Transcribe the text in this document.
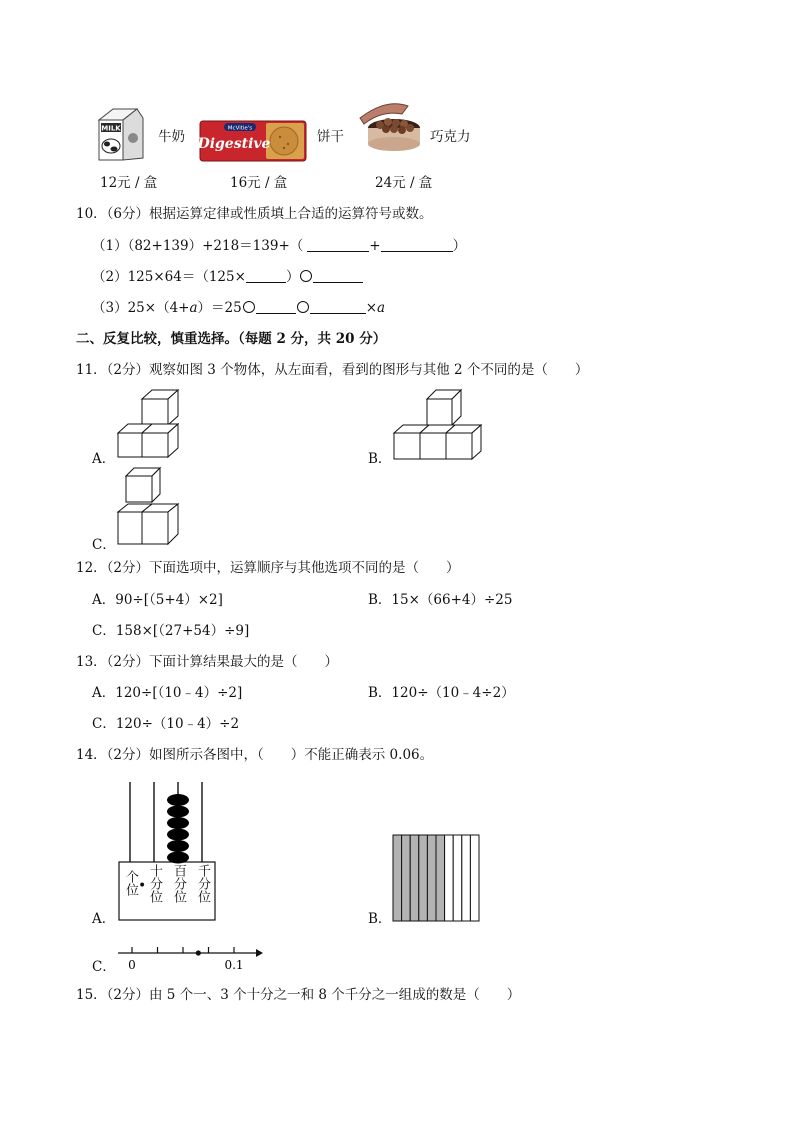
MILK
牛奶
McVitie's
Digestive	饼干	巧克力
12元 / 盒	16元 / 盒	24元 / 盒
10．（6分）根据运算定律或性质填上合适的运算符号或数。
（1）（82+139）+218＝139+（	+	）
（2）125×64＝（125×	）
（3）25×（4+a）＝25	×a
二、反复比较，慎重选择。（每题 2 分，共 20 分）
11．（2分）观察如图 3 个物体，从左面看，看到的图形与其他 2 个不同的是（　　）
A．	B．
C．
12．（2分）下面选项中，运算顺序与其他选项不同的是（　　）
A．90÷[（5+4）×2]	B．15×（66+4）÷25
C．158×[（27+54）÷9]
13．（2分）下面计算结果最大的是（　　）
A．120÷[（10﹣4）÷2]	B．120÷（10﹣4÷2）
C．120÷（10﹣4）÷2
14．（2分）如图所示各图中，（　　）不能正确表示 0.06。
A．
个位 • 十分位 百分位 千分位
B．
C． 0	0.1
15．（2分）由 5 个一、3 个十分之一和 8 个千分之一组成的数是（　　）
